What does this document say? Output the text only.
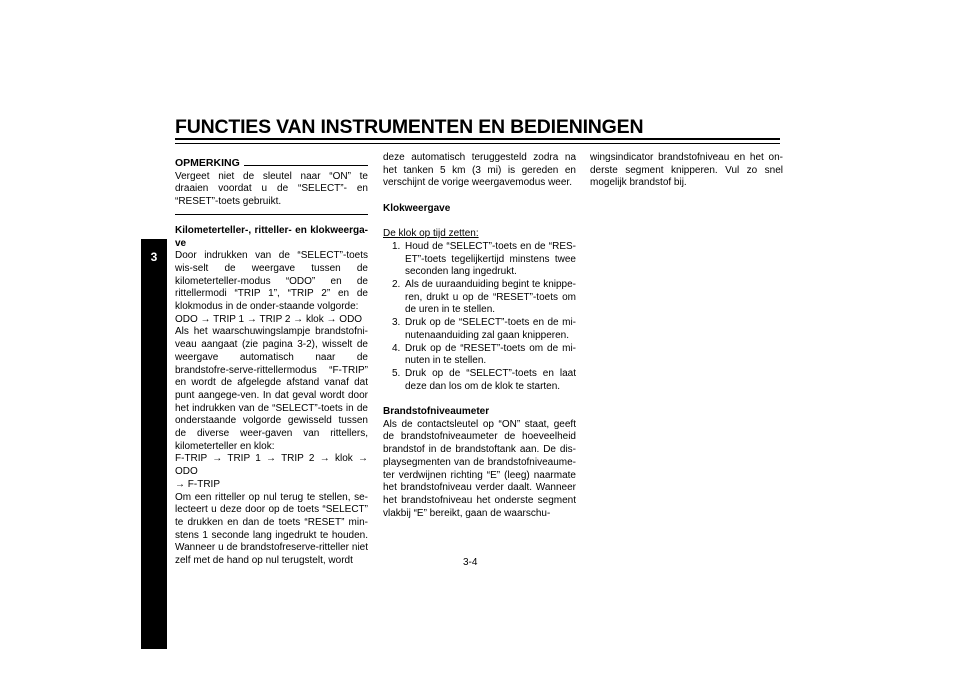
FUNCTIES VAN INSTRUMENTEN EN BEDIENINGEN
3
OPMERKING

Vergeet niet de sleutel naar “ON” te draaien voordat u de “SELECT”- en “RESET”-toets gebruikt.

Kilometerteller-, ritteller- en klokweerga-ve

Door indrukken van de “SELECT”-toets wis-selt de weergave tussen de kilometerteller-modus “ODO” en de rittellermodi “TRIP 1”, “TRIP 2” en de klokmodus in de onder-staande volgorde:

ODO → TRIP 1 → TRIP 2 → klok → ODO

Als het waarschuwingslampje brandstofni-veau aangaat (zie pagina 3-2), wisselt de weergave automatisch naar de brandstofre-serve-rittellermodus “F-TRIP” en wordt de afgelegde afstand vanaf dat punt aangege-ven. In dat geval wordt door het indrukken van de “SELECT”-toets in de onderstaande volgorde gewisseld tussen de diverse weer-gaven van rittellers, kilometerteller en klok:

F-TRIP → TRIP 1 → TRIP 2 → klok → ODO

→ F-TRIP

Om een ritteller op nul terug te stellen, se-lecteert u deze door op de toets “SELECT” te drukken en dan de toets “RESET” min-stens 1 seconde lang ingedrukt te houden. Wanneer u de brandstofreserve-ritteller niet zelf met de hand op nul terugstelt, wordt

deze automatisch teruggesteld zodra na het tanken 5 km (3 mi) is gereden en verschijnt de vorige weergavemodus weer.

Klokweergave

De klok op tijd zetten:

1. Houd de “SELECT”-toets en de “RES-ET”-toets tegelijkertijd minstens twee seconden lang ingedrukt.
2. Als de uuraanduiding begint te knippe-ren, drukt u op de “RESET”-toets om de uren in te stellen.
3. Druk op de “SELECT”-toets en de mi-nutenaanduiding zal gaan knipperen.
4. Druk op de “RESET”-toets om de mi-nuten in te stellen.
5. Druk op de “SELECT”-toets en laat deze dan los om de klok te starten.

Brandstofniveaumeter

Als de contactsleutel op “ON” staat, geeft de brandstofniveaumeter de hoeveelheid brandstof in de brandstoftank aan. De dis-playsegmenten van de brandstofniveaume-ter verdwijnen richting “E” (leeg) naarmate het brandstofniveau verder daalt. Wanneer het brandstofniveau het onderste segment vlakbij “E” bereikt, gaan de waarschu-

wingsindicator brandstofniveau en het on-derste segment knipperen. Vul zo snel mogelijk brandstof bij.

3-4
